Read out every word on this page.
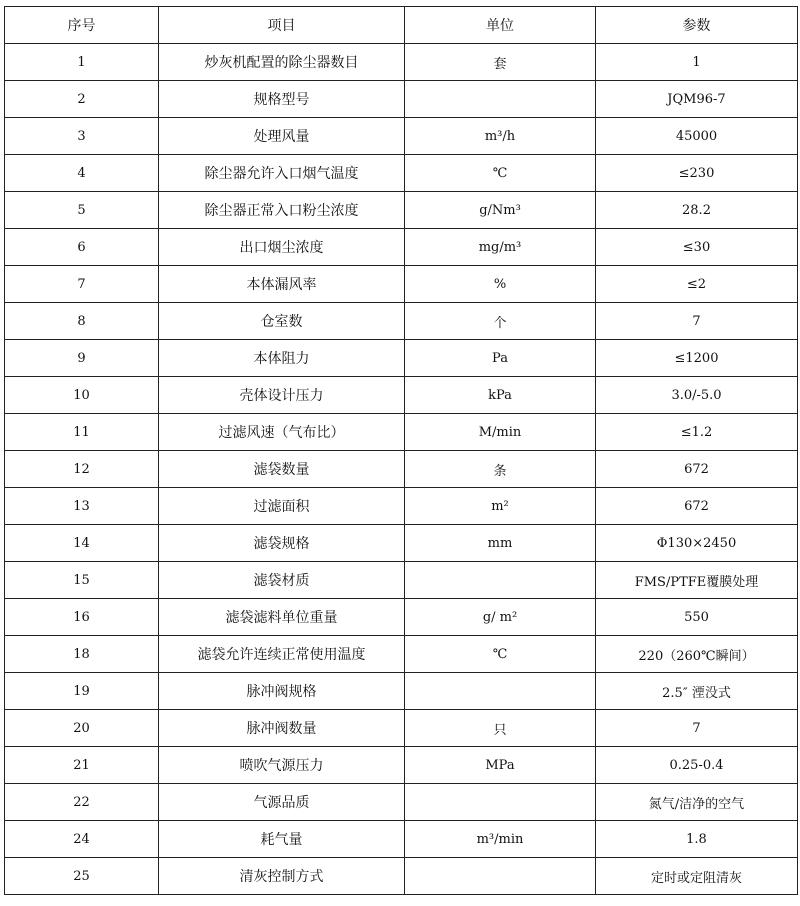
序号	项目	单位	参数
1	炒灰机配置的除尘器数目	套	1
2	规格型号		JQM96-7
3	处理风量	m³/h	45000
4	除尘器允许入口烟气温度	℃	≤230
5	除尘器正常入口粉尘浓度	g/Nm³	28.2
6	出口烟尘浓度	mg/m³	≤30
7	本体漏风率	%	≤2
8	仓室数	个	7
9	本体阻力	Pa	≤1200
10	壳体设计压力	kPa	3.0/-5.0
11	过滤风速（气布比）	M/min	≤1.2
12	滤袋数量	条	672
13	过滤面积	m²	672
14	滤袋规格	mm	Φ130×2450
15	滤袋材质		FMS/PTFE覆膜处理
16	滤袋滤料单位重量	g/ m²	550
18	滤袋允许连续正常使用温度	℃	220（260℃瞬间）
19	脉冲阀规格		2.5″ 湮没式
20	脉冲阀数量	只	7
21	喷吹气源压力	MPa	0.25-0.4
22	气源品质		氮气/洁净的空气
24	耗气量	m³/min	1.8
25	清灰控制方式		定时或定阻清灰
